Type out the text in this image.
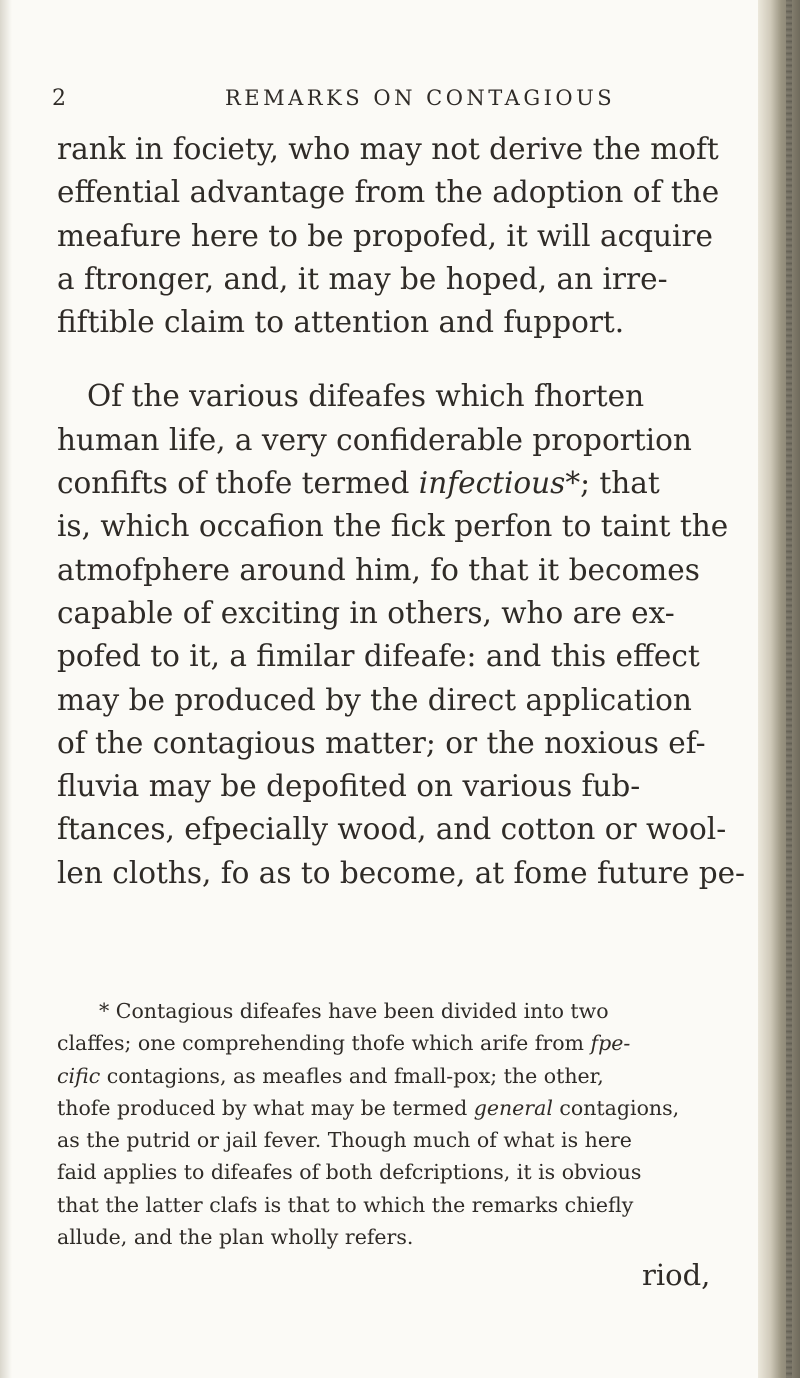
2	REMARKS ON CONTAGIOUS
rank in fociety, who may not derive the moft
effential advantage from the adoption of the
meafure here to be propofed, it will acquire
a ftronger, and, it may be hoped, an irre-
fiftible claim to attention and fupport.
Of the various difeafes which fhorten
human life, a very confiderable proportion
confifts of thofe termed infectious*; that
is, which occafion the fick perfon to taint the
atmofphere around him, fo that it becomes
capable of exciting in others, who are ex-
pofed to it, a fimilar difeafe: and this effect
may be produced by the direct application
of the contagious matter; or the noxious ef-
fluvia may be depofited on various fub-
ftances, efpecially wood, and cotton or wool-
len cloths, fo as to become, at fome future pe-
* Contagious difeafes have been divided into two
claffes; one comprehending thofe which arife from fpe-
cific contagions, as meafles and fmall-pox; the other,
thofe produced by what may be termed general contagions,
as the putrid or jail fever. Though much of what is here
faid applies to difeafes of both defcriptions, it is obvious
that the latter clafs is that to which the remarks chiefly
allude, and the plan wholly refers.
riod,
